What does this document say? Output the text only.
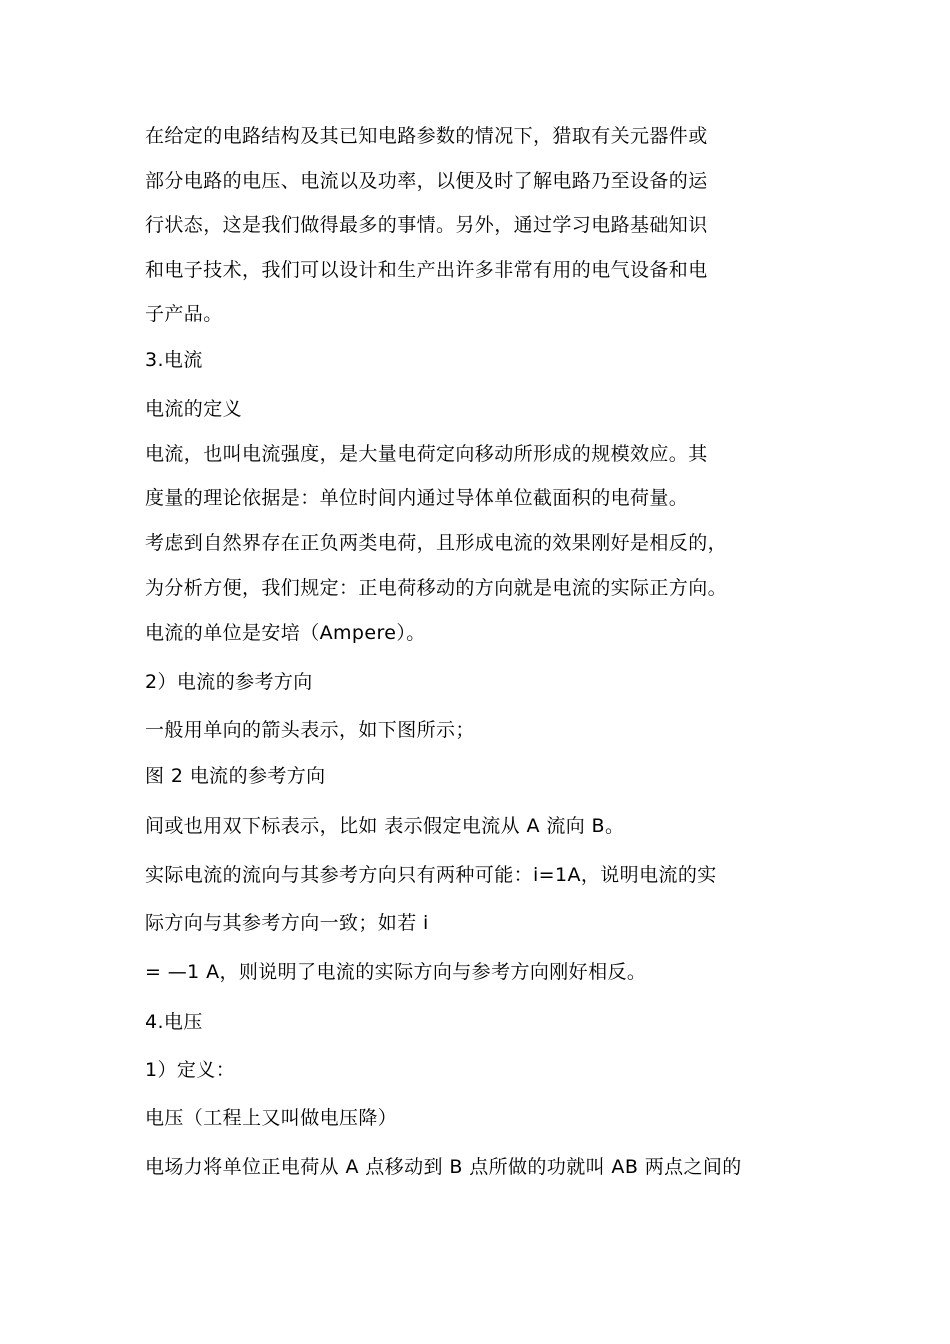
在给定的电路结构及其已知电路参数的情况下，猎取有关元器件或
部分电路的电压、电流以及功率，以便及时了解电路乃至设备的运
行状态，这是我们做得最多的事情。另外，通过学习电路基础知识
和电子技术，我们可以设计和生产出许多非常有用的电气设备和电
子产品。
3.电流
电流的定义
电流，也叫电流强度，是大量电荷定向移动所形成的规模效应。其
度量的理论依据是：单位时间内通过导体单位截面积的电荷量。
考虑到自然界存在正负两类电荷，且形成电流的效果刚好是相反的，
为分析方便，我们规定：正电荷移动的方向就是电流的实际正方向。
电流的单位是安培（Ampere）。
2）电流的参考方向
一般用单向的箭头表示，如下图所示；
图 2 电流的参考方向
间或也用双下标表示，比如 表示假定电流从 A 流向 B。
实际电流的流向与其参考方向只有两种可能：i=1A，说明电流的实
际方向与其参考方向一致；如若 i
= —1 A，则说明了电流的实际方向与参考方向刚好相反。
4.电压
1）定义：
电压（工程上又叫做电压降）
电场力将单位正电荷从 A 点移动到 B 点所做的功就叫 AB 两点之间的
